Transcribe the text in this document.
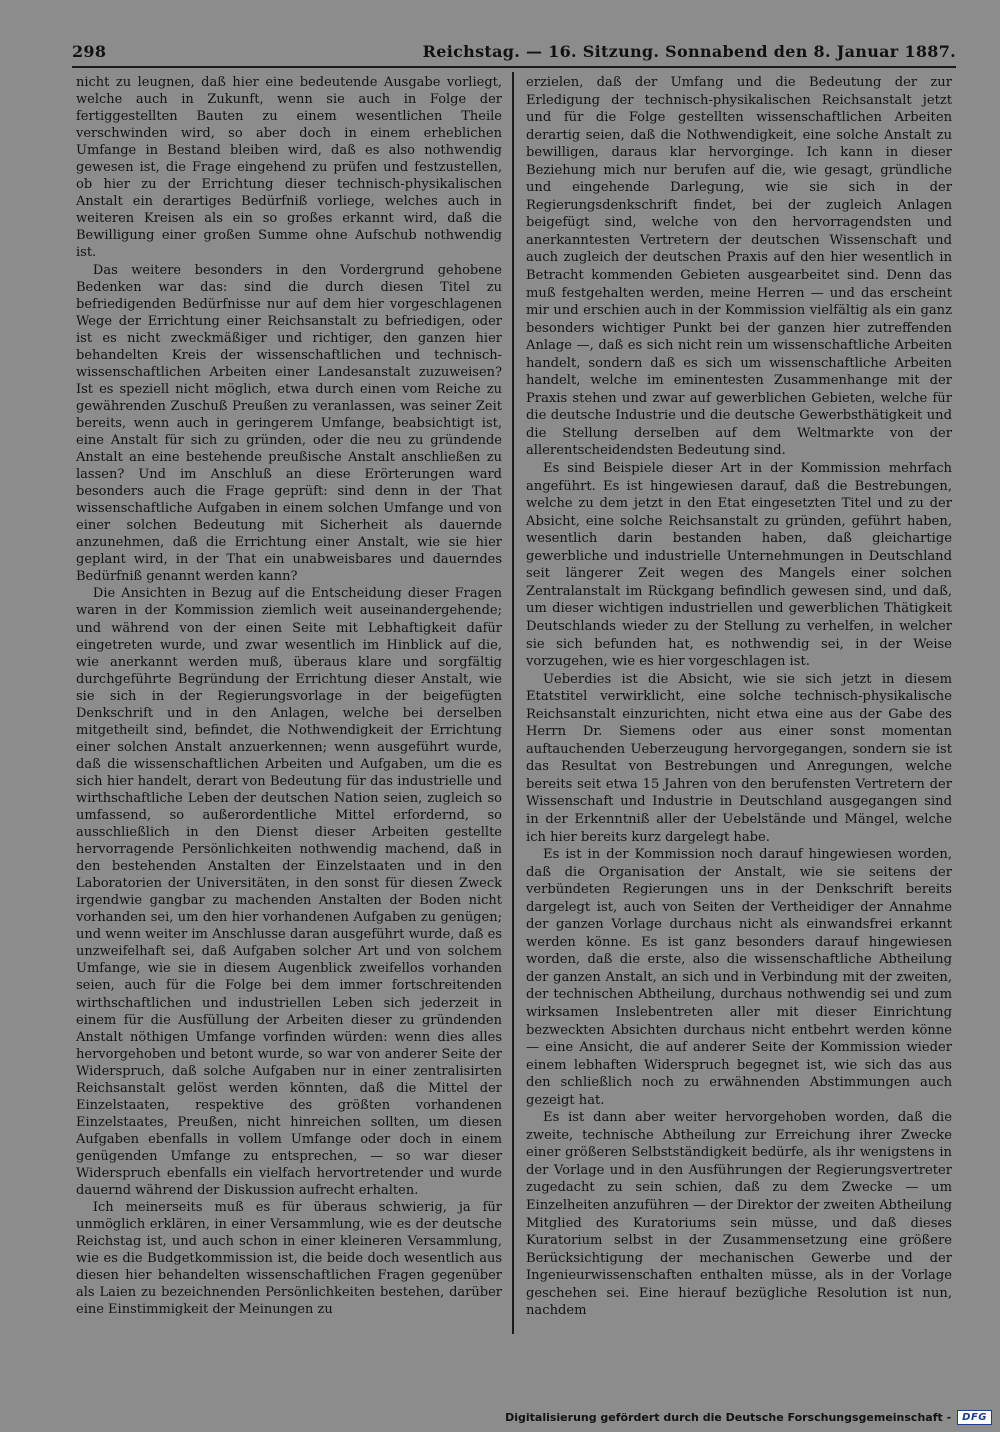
298	Reichstag. — 16. Sitzung. Sonnabend den 8. Januar 1887.

nicht zu leugnen, daß hier eine bedeutende Ausgabe vorliegt, welche auch in Zukunft, wenn sie auch in Folge der fertiggestellten Bauten zu einem wesentlichen Theile verschwinden wird, so aber doch in einem erheblichen Umfange in Bestand bleiben wird, daß es also nothwendig gewesen ist, die Frage eingehend zu prüfen und festzustellen, ob hier zu der Errichtung dieser technisch-physikalischen Anstalt ein derartiges Bedürfniß vorliege, welches auch in weiteren Kreisen als ein so großes erkannt wird, daß die Bewilligung einer großen Summe ohne Aufschub nothwendig ist.

Das weitere besonders in den Vordergrund gehobene Bedenken war das: sind die durch diesen Titel zu befriedigenden Bedürfnisse nur auf dem hier vorgeschlagenen Wege der Errichtung einer Reichsanstalt zu befriedigen, oder ist es nicht zweckmäßiger und richtiger, den ganzen hier behandelten Kreis der wissenschaftlichen und technisch-wissenschaftlichen Arbeiten einer Landesanstalt zuzuweisen? Ist es speziell nicht möglich, etwa durch einen vom Reiche zu gewährenden Zuschuß Preußen zu veranlassen, was seiner Zeit bereits, wenn auch in geringerem Umfange, beabsichtigt ist, eine Anstalt für sich zu gründen, oder die neu zu gründende Anstalt an eine bestehende preußische Anstalt anschließen zu lassen? Und im Anschluß an diese Erörterungen ward besonders auch die Frage geprüft: sind denn in der That wissenschaftliche Aufgaben in einem solchen Umfange und von einer solchen Bedeutung mit Sicherheit als dauernde anzunehmen, daß die Errichtung einer Anstalt, wie sie hier geplant wird, in der That ein unabweisbares und dauerndes Bedürfniß genannt werden kann?

Die Ansichten in Bezug auf die Entscheidung dieser Fragen waren in der Kommission ziemlich weit auseinandergehende; und während von der einen Seite mit Lebhaftigkeit dafür eingetreten wurde, und zwar wesentlich im Hinblick auf die, wie anerkannt werden muß, überaus klare und sorgfältig durchgeführte Begründung der Errichtung dieser Anstalt, wie sie sich in der Regierungsvorlage in der beigefügten Denkschrift und in den Anlagen, welche bei derselben mitgetheilt sind, befindet, die Nothwendigkeit der Errichtung einer solchen Anstalt anzuerkennen; wenn ausgeführt wurde, daß die wissenschaftlichen Arbeiten und Aufgaben, um die es sich hier handelt, derart von Bedeutung für das industrielle und wirthschaftliche Leben der deutschen Nation seien, zugleich so umfassend, so außerordentliche Mittel erfordernd, so ausschließlich in den Dienst dieser Arbeiten gestellte hervorragende Persönlichkeiten nothwendig machend, daß in den bestehenden Anstalten der Einzelstaaten und in den Laboratorien der Universitäten, in den sonst für diesen Zweck irgendwie gangbar zu machenden Anstalten der Boden nicht vorhanden sei, um den hier vorhandenen Aufgaben zu genügen; und wenn weiter im Anschlusse daran ausgeführt wurde, daß es unzweifelhaft sei, daß Aufgaben solcher Art und von solchem Umfange, wie sie in diesem Augenblick zweifellos vorhanden seien, auch für die Folge bei dem immer fortschreitenden wirthschaftlichen und industriellen Leben sich jederzeit in einem für die Ausfüllung der Arbeiten dieser zu gründenden Anstalt nöthigen Umfange vorfinden würden: wenn dies alles hervorgehoben und betont wurde, so war von anderer Seite der Widerspruch, daß solche Aufgaben nur in einer zentralisirten Reichsanstalt gelöst werden könnten, daß die Mittel der Einzelstaaten, respektive des größten vorhandenen Einzelstaates, Preußen, nicht hinreichen sollten, um diesen Aufgaben ebenfalls in vollem Umfange oder doch in einem genügenden Umfange zu entsprechen, — so war dieser Widerspruch ebenfalls ein vielfach hervortretender und wurde dauernd während der Diskussion aufrecht erhalten.

Ich meinerseits muß es für überaus schwierig, ja für unmöglich erklären, in einer Versammlung, wie es der deutsche Reichstag ist, und auch schon in einer kleineren Versammlung, wie es die Budgetkommission ist, die beide doch wesentlich aus diesen hier behandelten wissenschaftlichen Fragen gegenüber als Laien zu bezeichnenden Persönlichkeiten bestehen, darüber eine Einstimmigkeit der Meinungen zu

erzielen, daß der Umfang und die Bedeutung der zur Erledigung der technisch-physikalischen Reichsanstalt jetzt und für die Folge gestellten wissenschaftlichen Arbeiten derartig seien, daß die Nothwendigkeit, eine solche Anstalt zu bewilligen, daraus klar hervorginge. Ich kann in dieser Beziehung mich nur berufen auf die, wie gesagt, gründliche und eingehende Darlegung, wie sie sich in der Regierungsdenkschrift findet, bei der zugleich Anlagen beigefügt sind, welche von den hervorragendsten und anerkanntesten Vertretern der deutschen Wissenschaft und auch zugleich der deutschen Praxis auf den hier wesentlich in Betracht kommenden Gebieten ausgearbeitet sind. Denn das muß festgehalten werden, meine Herren — und das erscheint mir und erschien auch in der Kommission vielfältig als ein ganz besonders wichtiger Punkt bei der ganzen hier zutreffenden Anlage —, daß es sich nicht rein um wissenschaftliche Arbeiten handelt, sondern daß es sich um wissenschaftliche Arbeiten handelt, welche im eminentesten Zusammenhange mit der Praxis stehen und zwar auf gewerblichen Gebieten, welche für die deutsche Industrie und die deutsche Gewerbsthätigkeit und die Stellung derselben auf dem Weltmarkte von der allerentscheidendsten Bedeutung sind.

Es sind Beispiele dieser Art in der Kommission mehrfach angeführt. Es ist hingewiesen darauf, daß die Bestrebungen, welche zu dem jetzt in den Etat eingesetzten Titel und zu der Absicht, eine solche Reichsanstalt zu gründen, geführt haben, wesentlich darin bestanden haben, daß gleichartige gewerbliche und industrielle Unternehmungen in Deutschland seit längerer Zeit wegen des Mangels einer solchen Zentralanstalt im Rückgang befindlich gewesen sind, und daß, um dieser wichtigen industriellen und gewerblichen Thätigkeit Deutschlands wieder zu der Stellung zu verhelfen, in welcher sie sich befunden hat, es nothwendig sei, in der Weise vorzugehen, wie es hier vorgeschlagen ist.

Ueberdies ist die Absicht, wie sie sich jetzt in diesem Etatstitel verwirklicht, eine solche technisch-physikalische Reichsanstalt einzurichten, nicht etwa eine aus der Gabe des Herrn Dr. Siemens oder aus einer sonst momentan auftauchenden Ueberzeugung hervorgegangen, sondern sie ist das Resultat von Bestrebungen und Anregungen, welche bereits seit etwa 15 Jahren von den berufensten Vertretern der Wissenschaft und Industrie in Deutschland ausgegangen sind in der Erkenntniß aller der Uebelstände und Mängel, welche ich hier bereits kurz dargelegt habe.

Es ist in der Kommission noch darauf hingewiesen worden, daß die Organisation der Anstalt, wie sie seitens der verbündeten Regierungen uns in der Denkschrift bereits dargelegt ist, auch von Seiten der Vertheidiger der Annahme der ganzen Vorlage durchaus nicht als einwandsfrei erkannt werden könne. Es ist ganz besonders darauf hingewiesen worden, daß die erste, also die wissenschaftliche Abtheilung der ganzen Anstalt, an sich und in Verbindung mit der zweiten, der technischen Abtheilung, durchaus nothwendig sei und zum wirksamen Inslebentreten aller mit dieser Einrichtung bezweckten Absichten durchaus nicht entbehrt werden könne — eine Ansicht, die auf anderer Seite der Kommission wieder einem lebhaften Widerspruch begegnet ist, wie sich das aus den schließlich noch zu erwähnenden Abstimmungen auch gezeigt hat.

Es ist dann aber weiter hervorgehoben worden, daß die zweite, technische Abtheilung zur Erreichung ihrer Zwecke einer größeren Selbstständigkeit bedürfe, als ihr wenigstens in der Vorlage und in den Ausführungen der Regierungsvertreter zugedacht zu sein schien, daß zu dem Zwecke — um Einzelheiten anzuführen — der Direktor der zweiten Abtheilung Mitglied des Kuratoriums sein müsse, und daß dieses Kuratorium selbst in der Zusammensetzung eine größere Berücksichtigung der mechanischen Gewerbe und der Ingenieurwissenschaften enthalten müsse, als in der Vorlage geschehen sei. Eine hierauf bezügliche Resolution ist nun, nachdem

Digitalisierung gefördert durch die Deutsche Forschungsgemeinschaft -	DFG
